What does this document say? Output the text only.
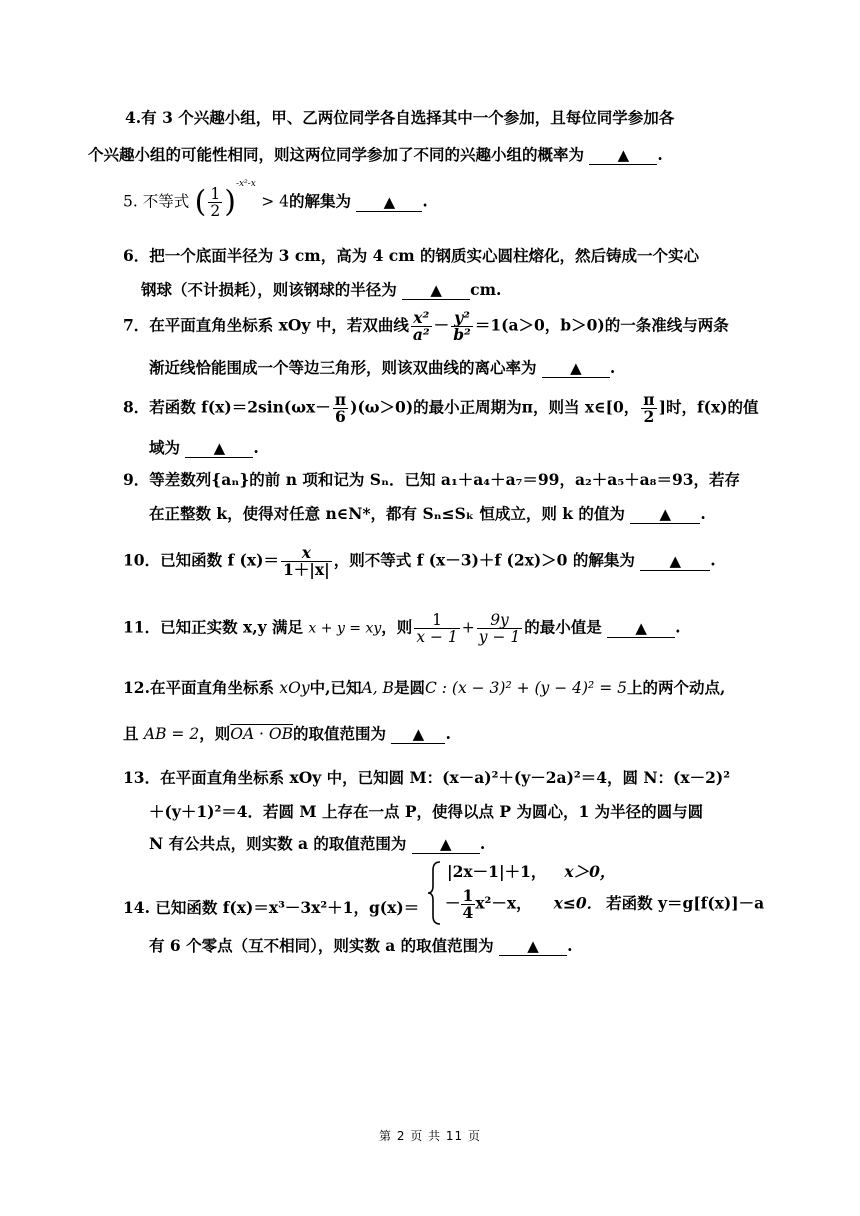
4.有 3 个兴趣小组，甲、乙两位同学各自选择其中一个参加，且每位同学参加各
个兴趣小组的可能性相同，则这两位同学参加了不同的兴趣小组的概率为 ▲ .
5. 不等式 ( $\frac{1}{2} )^{-x^2-x} > 4$的解集为 ▲ .
6．把一个底面半径为 3 cm，高为 4 cm 的钢质实心圆柱熔化，然后铸成一个实心
钢球（不计损耗），则该钢球的半径为 ▲ cm.
7．在平面直角坐标系 xOy 中，若双曲线 $\frac{\text{x²}}{\text{a²}} - \frac{\text{y²}}{\text{b²}} =1(a>0$，b＞0)的一条准线与两条
渐近线恰能围成一个等边三角形，则该双曲线的离心率为 ▲ .
8．若函数 $f(x)=2\sin(\omega x- \frac{\pi}{6} )(\omega>0)$的最小正周期为π，则当 x∈[0， $\frac{\pi}{2}$ ]时，f(x)的值
域为 ▲ .
9．等差数列{aₙ}的前 n 项和记为 Sₙ．已知 a₁＋a₄＋a₇＝99，a₂＋a₅＋a₈＝93，若存
在正整数 k，使得对任意 n∈N*，都有 Sₙ≤Sₖ 恒成立，则 k 的值为 ▲ .
10．已知函数 f $(x)= \frac{x}{1+|x|}$ ，则不等式 f (x－3)＋f (2x)＞0 的解集为 ▲ .
11．已知正实数 x,y 满足 x + y = xy，则 $\frac{1}{x - 1} + \frac{9y}{y - 1}$ 的最小值是 ▲ .
12.在平面直角坐标系 xOy中,已知A, B是圆C : (x − 3)² + (y − 4)² = 5上的两个动点,
且 AB = 2，则OA · OB的取值范围为 ▲ .
13．在平面直角坐标系 xOy 中，已知圆 M：(x－a)²＋(y－2a)²＝4，圆 N：(x－2)²
＋(y＋1)²＝4．若圆 M 上存在一点 P，使得以点 P 为圆心，1 为半径的圆与圆
N 有公共点，则实数 a 的取值范围为 ▲ .
14. 已知函数 f(x)＝x³－3x²＋1，g(x)＝
|2x－1|＋1， x＞0，
－ $\frac{1}{4} x^2-x$， x≤0． 若函数 y＝g[f(x)]－a
有 6 个零点（互不相同），则实数 a 的取值范围为 ▲ .
第 2 页 共 11 页
